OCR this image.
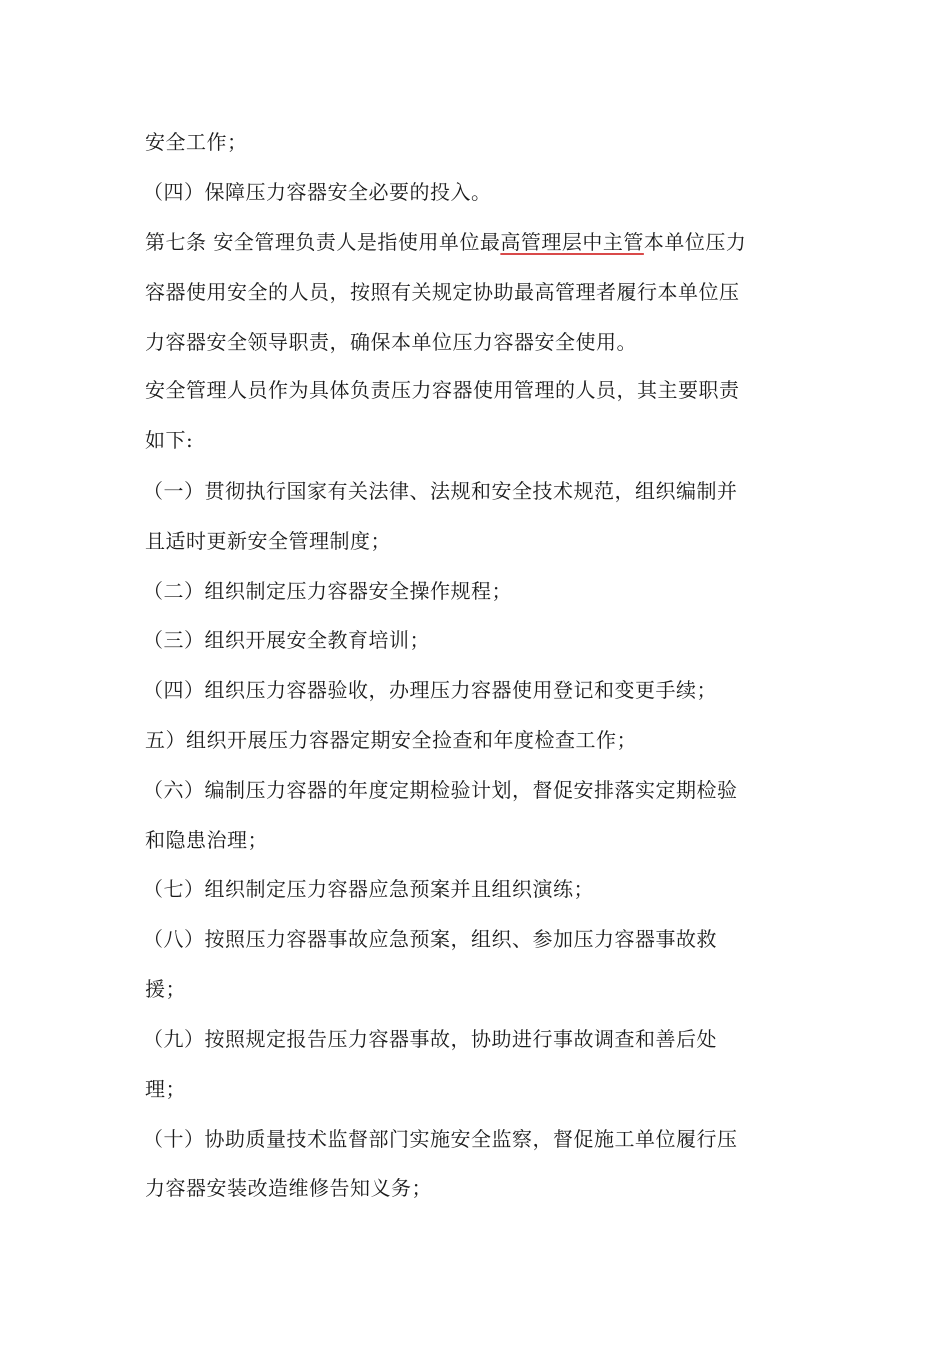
安全工作；
（四）保障压力容器安全必要的投入。
第七条 安全管理负责人是指使用单位最高管理层中主管本单位压力
容器使用安全的人员，按照有关规定协助最高管理者履行本单位压
力容器安全领导职责，确保本单位压力容器安全使用。
安全管理人员作为具体负责压力容器使用管理的人员，其主要职责
如下:
（一）贯彻执行国家有关法律、法规和安全技术规范，组织编制并
且适时更新安全管理制度；
（二）组织制定压力容器安全操作规程；
（三）组织开展安全教育培训；
（四）组织压力容器验收，办理压力容器使用登记和变更手续；
五）组织开展压力容器定期安全捡查和年度检查工作；
（六）编制压力容器的年度定期检验计划，督促安排落实定期检验
和隐患治理；
（七）组织制定压力容器应急预案并且组织演练；
（八）按照压力容器事故应急预案，组织、参加压力容器事故救
援；
（九）按照规定报告压力容器事故，协助进行事故调查和善后处
理；
（十）协助质量技术监督部门实施安全监察，督促施工单位履行压
力容器安装改造维修告知义务；
